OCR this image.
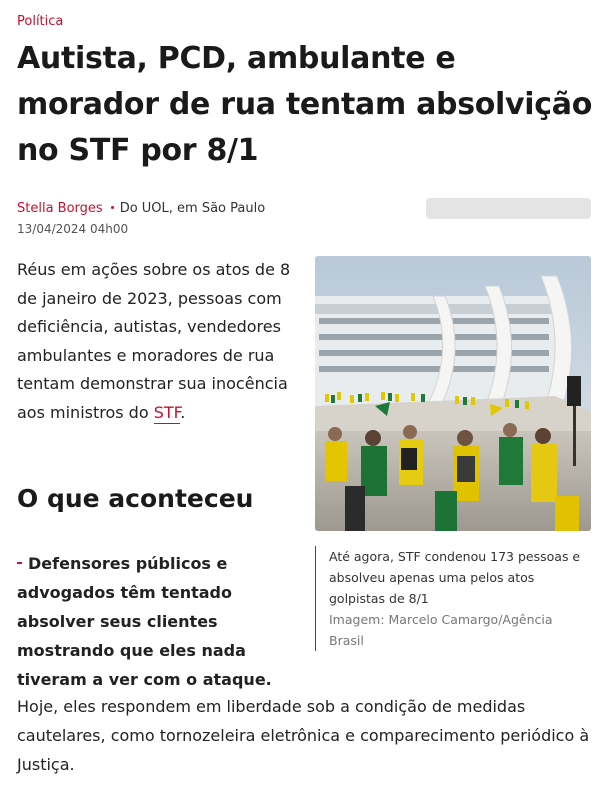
Política
Autista, PCD, ambulante e morador de rua tentam absolvição no STF por 8/1
Stella Borges Do UOL, em São Paulo
13/04/2024 04h00

Réus em ações sobre os atos de 8 de janeiro de 2023, pessoas com deficiência, autistas, vendedores ambulantes e moradores de rua tentam demonstrar sua inocência aos ministros do STF.

Até agora, STF condenou 173 pessoas e absolveu apenas uma pelos atos golpistas de 8/1
Imagem: Marcelo Camargo/Agência Brasil
O que aconteceu
Defensores públicos e advogados têm tentado absolver seus clientes mostrando que eles nada tiveram a ver com o ataque.

Hoje, eles respondem em liberdade sob a condição de medidas cautelares, como tornozeleira eletrônica e comparecimento periódico à Justiça.
